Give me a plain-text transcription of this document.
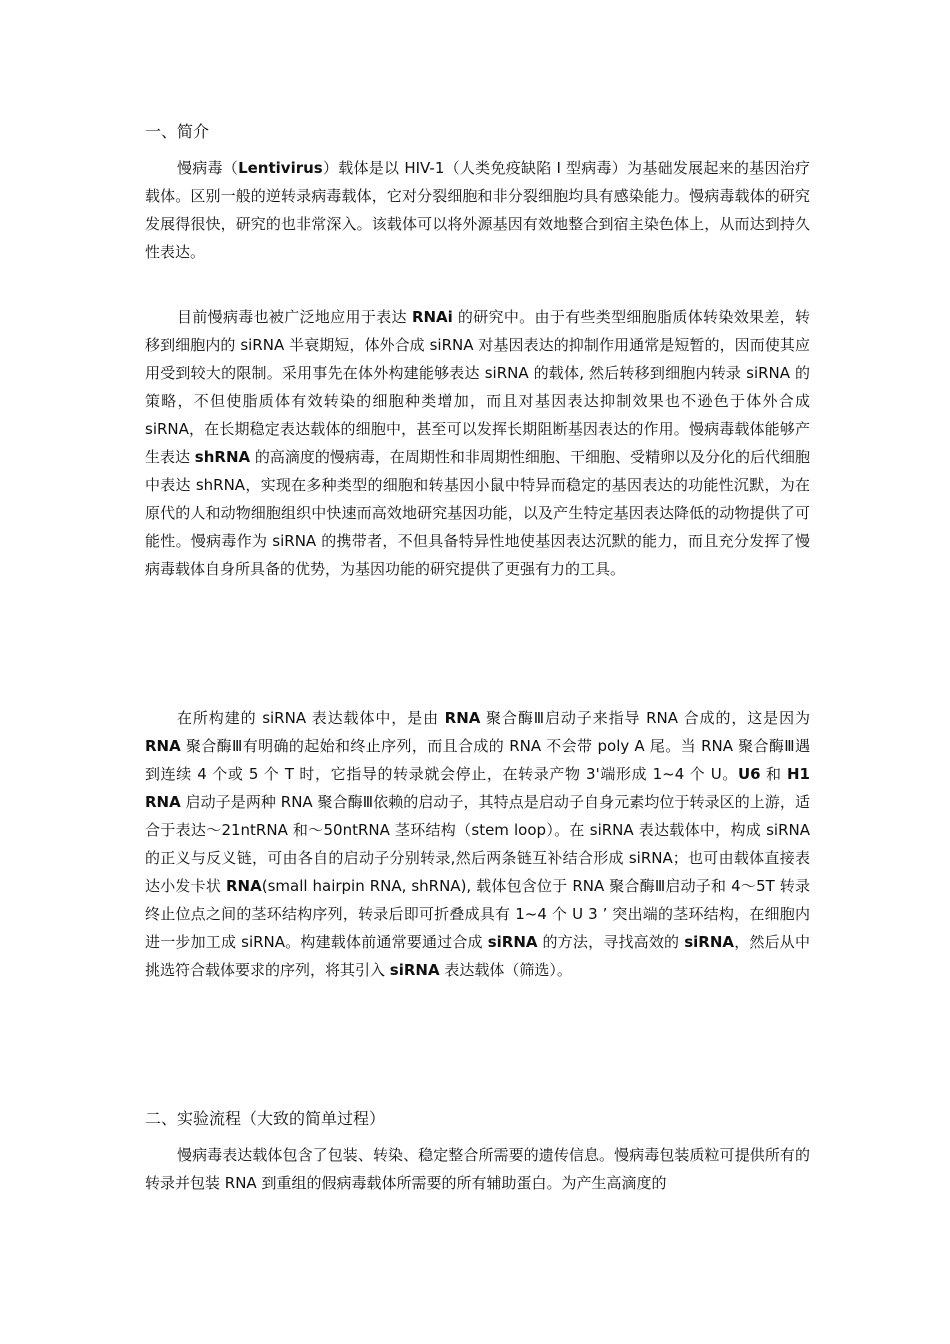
一、简介

慢病毒（Lentivirus）载体是以 HIV-1（人类免疫缺陷 I 型病毒）为基础发展起来的基因治疗载体。区别一般的逆转录病毒载体，它对分裂细胞和非分裂细胞均具有感染能力。慢病毒载体的研究发展得很快，研究的也非常深入。该载体可以将外源基因有效地整合到宿主染色体上，从而达到持久性表达。

目前慢病毒也被广泛地应用于表达 RNAi 的研究中。由于有些类型细胞脂质体转染效果差，转移到细胞内的 siRNA 半衰期短，体外合成 siRNA 对基因表达的抑制作用通常是短暂的，因而使其应用受到较大的限制。采用事先在体外构建能够表达 siRNA 的载体, 然后转移到细胞内转录 siRNA 的策略，不但使脂质体有效转染的细胞种类增加，而且对基因表达抑制效果也不逊色于体外合成 siRNA，在长期稳定表达载体的细胞中，甚至可以发挥长期阻断基因表达的作用。慢病毒载体能够产生表达 shRNA 的高滴度的慢病毒，在周期性和非周期性细胞、干细胞、受精卵以及分化的后代细胞中表达 shRNA，实现在多种类型的细胞和转基因小鼠中特异而稳定的基因表达的功能性沉默，为在原代的人和动物细胞组织中快速而高效地研究基因功能，以及产生特定基因表达降低的动物提供了可能性。慢病毒作为 siRNA 的携带者，不但具备特异性地使基因表达沉默的能力，而且充分发挥了慢病毒载体自身所具备的优势，为基因功能的研究提供了更强有力的工具。

在所构建的 siRNA 表达载体中，是由 RNA 聚合酶Ⅲ启动子来指导 RNA 合成的，这是因为 RNA 聚合酶Ⅲ有明确的起始和终止序列，而且合成的 RNA 不会带 poly A 尾。当 RNA 聚合酶Ⅲ遇到连续 4 个或 5 个 T 时，它指导的转录就会停止，在转录产物 3'端形成 1~4 个 U。U6 和 H1 RNA 启动子是两种 RNA 聚合酶Ⅲ依赖的启动子，其特点是启动子自身元素均位于转录区的上游，适合于表达～21ntRNA 和～50ntRNA 茎环结构（stem loop）。在 siRNA 表达载体中，构成 siRNA 的正义与反义链，可由各自的启动子分别转录,然后两条链互补结合形成 siRNA；也可由载体直接表达小发卡状 RNA(small hairpin RNA, shRNA), 载体包含位于 RNA 聚合酶Ⅲ启动子和 4～5T 转录终止位点之间的茎环结构序列，转录后即可折叠成具有 1~4 个 U 3 ’ 突出端的茎环结构，在细胞内进一步加工成 siRNA。构建载体前通常要通过合成 siRNA 的方法，寻找高效的 siRNA，然后从中挑选符合载体要求的序列，将其引入 siRNA 表达载体（筛选）。

二、实验流程（大致的简单过程）

慢病毒表达载体包含了包装、转染、稳定整合所需要的遗传信息。慢病毒包装质粒可提供所有的转录并包装 RNA 到重组的假病毒载体所需要的所有辅助蛋白。为产生高滴度的
